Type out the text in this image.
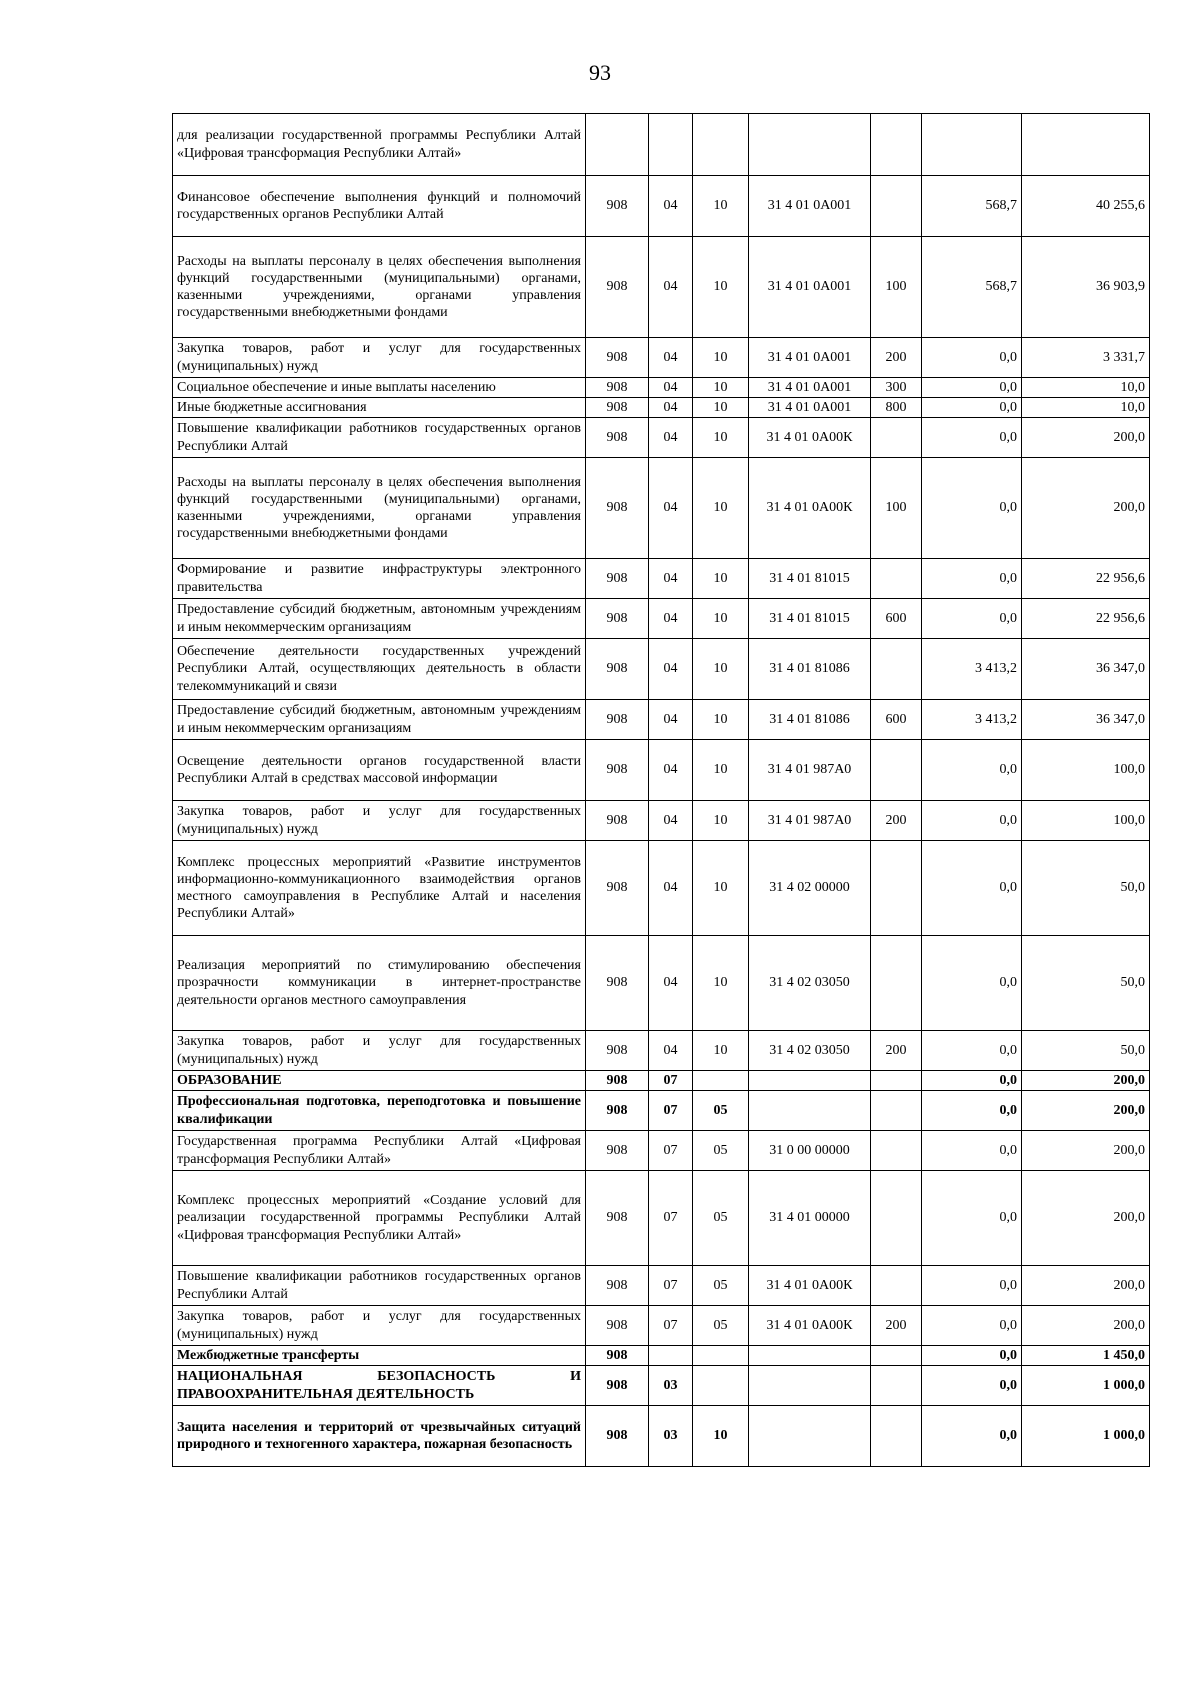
93
для реализации государственной программы Республики Алтай «Цифровая трансформация Республики Алтай»							
Финансовое обеспечение выполнения функций и полномочий государственных органов Республики Алтай	908	04	10	31 4 01 0А001		568,7	40 255,6
Расходы на выплаты персоналу в целях обеспечения выполнения функций государственными (муниципальными) органами, казенными учреждениями, органами управления государственными внебюджетными фондами	908	04	10	31 4 01 0А001	100	568,7	36 903,9
Закупка товаров, работ и услуг для государственных (муниципальных) нужд	908	04	10	31 4 01 0А001	200	0,0	3 331,7
Социальное обеспечение и иные выплаты населению	908	04	10	31 4 01 0А001	300	0,0	10,0
Иные бюджетные ассигнования	908	04	10	31 4 01 0А001	800	0,0	10,0
Повышение квалификации работников государственных органов Республики Алтай	908	04	10	31 4 01 0А00К		0,0	200,0
Расходы на выплаты персоналу в целях обеспечения выполнения функций государственными (муниципальными) органами, казенными учреждениями, органами управления государственными внебюджетными фондами	908	04	10	31 4 01 0А00К	100	0,0	200,0
Формирование и развитие инфраструктуры электронного правительства	908	04	10	31 4 01 81015		0,0	22 956,6
Предоставление субсидий бюджетным, автономным учреждениям и иным некоммерческим организациям	908	04	10	31 4 01 81015	600	0,0	22 956,6
Обеспечение деятельности государственных учреждений Республики Алтай, осуществляющих деятельность в области телекоммуникаций и связи	908	04	10	31 4 01 81086		3 413,2	36 347,0
Предоставление субсидий бюджетным, автономным учреждениям и иным некоммерческим организациям	908	04	10	31 4 01 81086	600	3 413,2	36 347,0
Освещение деятельности органов государственной власти Республики Алтай в средствах массовой информации	908	04	10	31 4 01 987А0		0,0	100,0
Закупка товаров, работ и услуг для государственных (муниципальных) нужд	908	04	10	31 4 01 987А0	200	0,0	100,0
Комплекс процессных мероприятий «Развитие инструментов информационно-коммуникационного взаимодействия органов местного самоуправления в Республике Алтай и населения Республики Алтай»	908	04	10	31 4 02 00000		0,0	50,0
Реализация мероприятий по стимулированию обеспечения прозрачности коммуникации в интернет-пространстве деятельности органов местного самоуправления	908	04	10	31 4 02 03050		0,0	50,0
Закупка товаров, работ и услуг для государственных (муниципальных) нужд	908	04	10	31 4 02 03050	200	0,0	50,0
ОБРАЗОВАНИЕ	908	07				0,0	200,0
Профессиональная подготовка, переподготовка и повышение квалификации	908	07	05			0,0	200,0
Государственная программа Республики Алтай «Цифровая трансформация Республики Алтай»	908	07	05	31 0 00 00000		0,0	200,0
Комплекс процессных мероприятий «Создание условий для реализации государственной программы Республики Алтай «Цифровая трансформация Республики Алтай»	908	07	05	31 4 01 00000		0,0	200,0
Повышение квалификации работников государственных органов Республики Алтай	908	07	05	31 4 01 0А00К		0,0	200,0
Закупка товаров, работ и услуг для государственных (муниципальных) нужд	908	07	05	31 4 01 0А00К	200	0,0	200,0
Межбюджетные трансферты	908					0,0	1 450,0
НАЦИОНАЛЬНАЯ БЕЗОПАСНОСТЬ И ПРАВООХРАНИТЕЛЬНАЯ ДЕЯТЕЛЬНОСТЬ	908	03				0,0	1 000,0
Защита населения и территорий от чрезвычайных ситуаций природного и техногенного характера, пожарная безопасность	908	03	10			0,0	1 000,0
